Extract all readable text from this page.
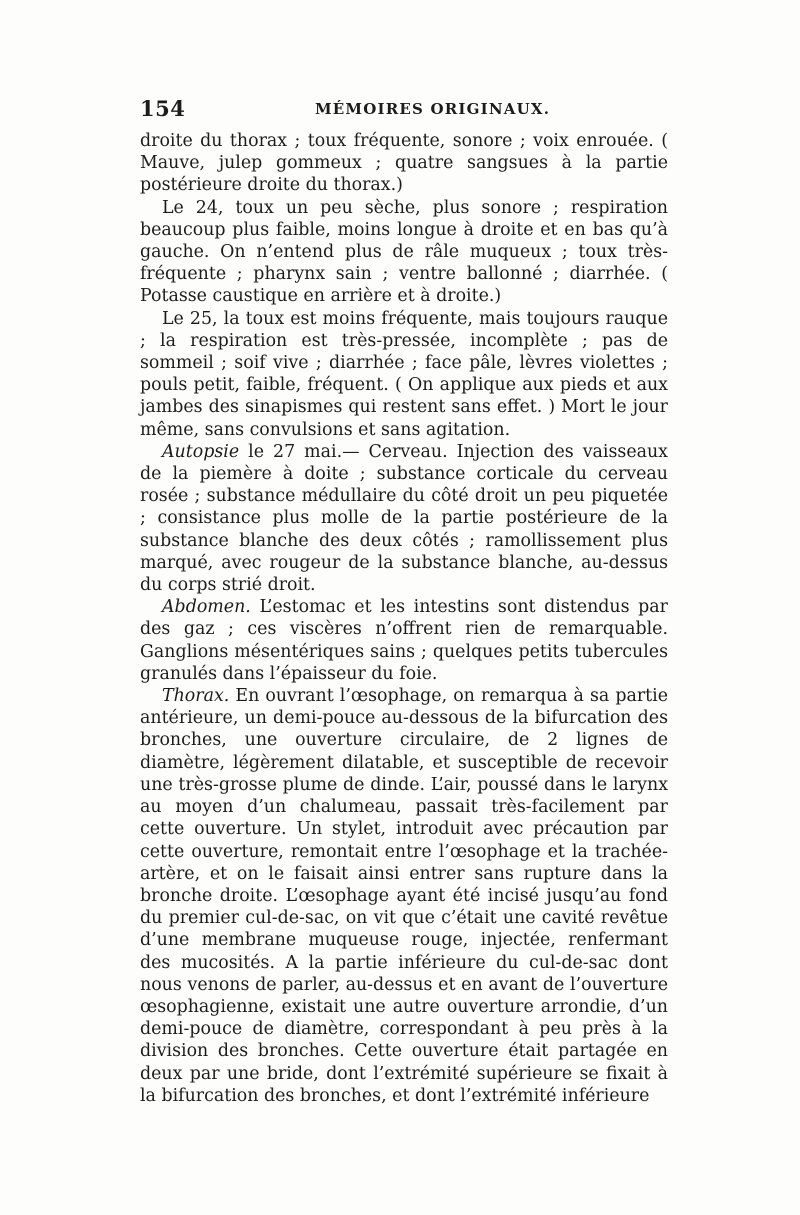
154	MÉMOIRES ORIGINAUX.

droite du thorax ; toux fréquente, sonore ; voix enrouée. ( Mauve, julep gommeux ; quatre sangsues à la partie postérieure droite du thorax.)

Le 24, toux un peu sèche, plus sonore ; respiration beaucoup plus faible, moins longue à droite et en bas qu’à gauche. On n’entend plus de râle muqueux ; toux très-fréquente ; pharynx sain ; ventre ballonné ; diarrhée. ( Potasse caustique en arrière et à droite.)

Le 25, la toux est moins fréquente, mais toujours rauque ; la respiration est très-pressée, incomplète ; pas de sommeil ; soif vive ; diarrhée ; face pâle, lèvres violettes ; pouls petit, faible, fréquent. ( On applique aux pieds et aux jambes des sinapismes qui restent sans effet. ) Mort le jour même, sans convulsions et sans agitation.

Autopsie le 27 mai.— Cerveau. Injection des vaisseaux de la piemère à doite ; substance corticale du cerveau rosée ; substance médullaire du côté droit un peu piquetée ; consistance plus molle de la partie postérieure de la substance blanche des deux côtés ; ramollissement plus marqué, avec rougeur de la substance blanche, au-dessus du corps strié droit.

Abdomen. L’estomac et les intestins sont distendus par des gaz ; ces viscères n’offrent rien de remarquable. Ganglions mésentériques sains ; quelques petits tubercules granulés dans l’épaisseur du foie.

Thorax. En ouvrant l’œsophage, on remarqua à sa partie antérieure, un demi-pouce au-dessous de la bifurcation des bronches, une ouverture circulaire, de 2 lignes de diamètre, légèrement dilatable, et susceptible de recevoir une très-grosse plume de dinde. L’air, poussé dans le larynx au moyen d’un chalumeau, passait très-facilement par cette ouverture. Un stylet, introduit avec précaution par cette ouverture, remontait entre l’œsophage et la trachée-artère, et on le faisait ainsi entrer sans rupture dans la bronche droite. L’œsophage ayant été incisé jusqu’au fond du premier cul-de-sac, on vit que c’était une cavité revêtue d’une membrane muqueuse rouge, injectée, renfermant des mucosités. A la partie inférieure du cul-de-sac dont nous venons de parler, au-dessus et en avant de l’ouverture œsophagienne, existait une autre ouverture arrondie, d’un demi-pouce de diamètre, correspondant à peu près à la division des bronches. Cette ouverture était partagée en deux par une bride, dont l’extrémité supérieure se fixait à la bifurcation des bronches, et dont l’extrémité inférieure
